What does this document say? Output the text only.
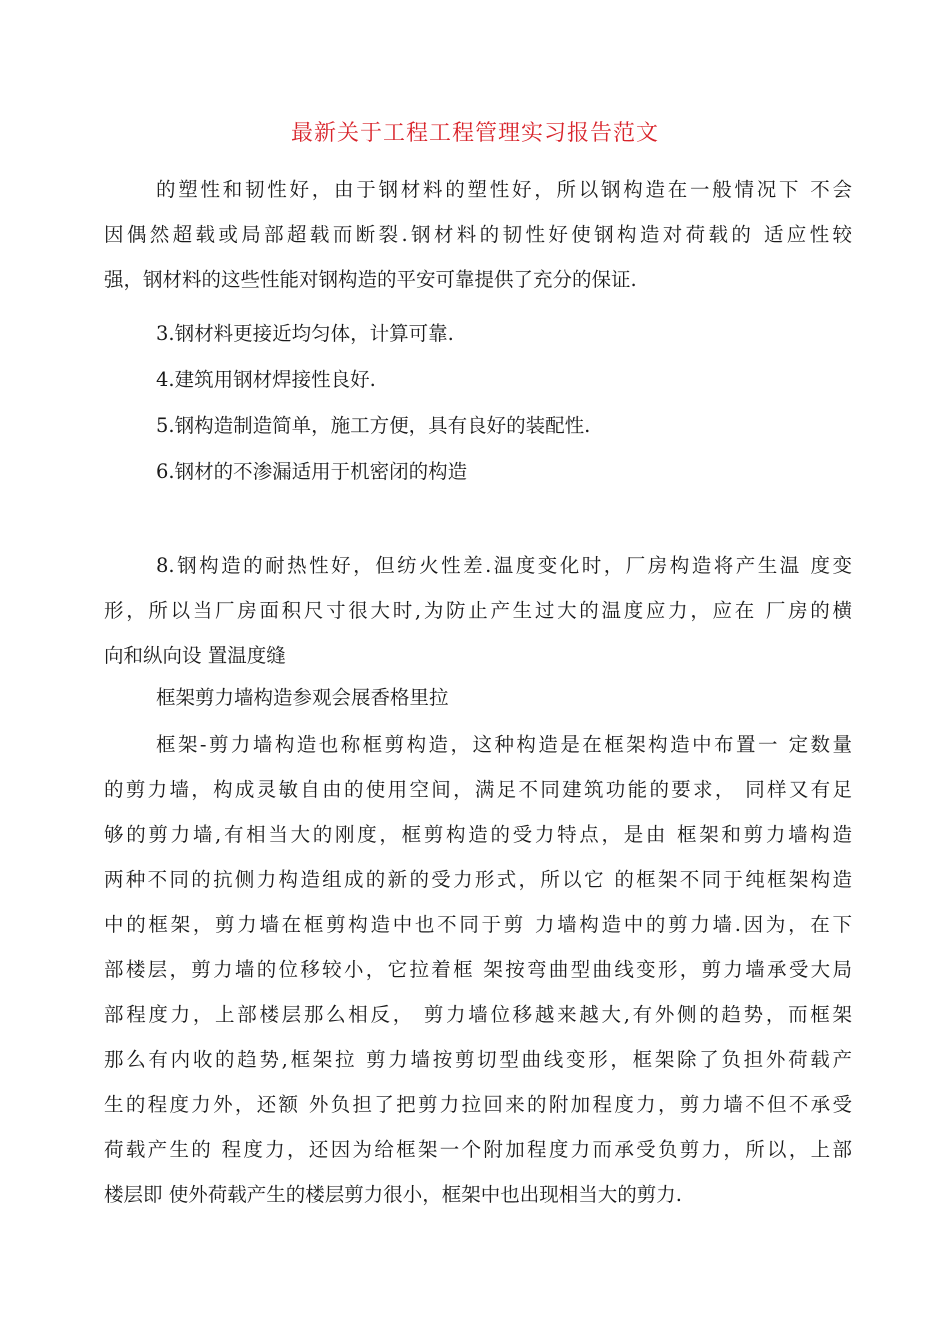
最新关于工程工程管理实习报告范文
的塑性和韧性好，由于钢材料的塑性好，所以钢构造在一般情况下 不会
因偶然超载或局部超载而断裂.钢材料的韧性好使钢构造对荷载的 适应性较
强，钢材料的这些性能对钢构造的平安可靠提供了充分的保证.
3.钢材料更接近均匀体，计算可靠.
4.建筑用钢材焊接性良好.
5.钢构造制造简单，施工方便，具有良好的装配性.
6.钢材的不渗漏适用于机密闭的构造
8.钢构造的耐热性好，但纺火性差.温度变化时，厂房构造将产生温 度变
形，所以当厂房面积尺寸很大时,为防止产生过大的温度应力，应在 厂房的横
向和纵向设 置温度缝
框架剪力墙构造参观会展香格里拉
框架-剪力墙构造也称框剪构造，这种构造是在框架构造中布置一 定数量
的剪力墙，构成灵敏自由的使用空间，满足不同建筑功能的要求， 同样又有足
够的剪力墙,有相当大的刚度，框剪构造的受力特点，是由 框架和剪力墙构造
两种不同的抗侧力构造组成的新的受力形式，所以它 的框架不同于纯框架构造
中的框架，剪力墙在框剪构造中也不同于剪 力墙构造中的剪力墙.因为，在下
部楼层，剪力墙的位移较小，它拉着框 架按弯曲型曲线变形，剪力墙承受大局
部程度力，上部楼层那么相反， 剪力墙位移越来越大,有外侧的趋势，而框架
那么有内收的趋势,框架拉 剪力墙按剪切型曲线变形，框架除了负担外荷载产
生的程度力外，还额 外负担了把剪力拉回来的附加程度力，剪力墙不但不承受
荷载产生的 程度力，还因为给框架一个附加程度力而承受负剪力，所以，上部
楼层即 使外荷载产生的楼层剪力很小，框架中也出现相当大的剪力.
